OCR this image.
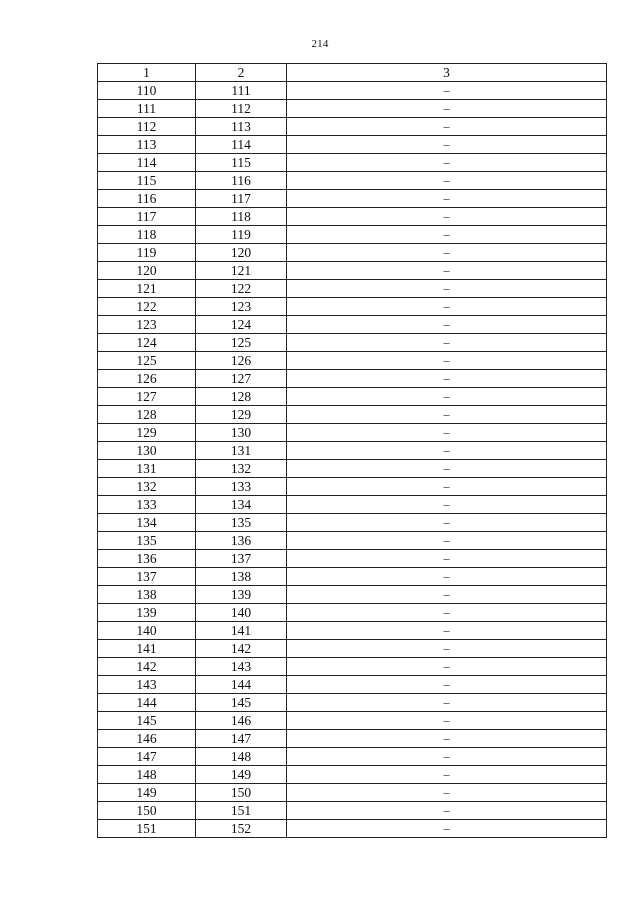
214
1	2	3
110	111	–
111	112	–
112	113	–
113	114	–
114	115	–
115	116	–
116	117	–
117	118	–
118	119	–
119	120	–
120	121	–
121	122	–
122	123	–
123	124	–
124	125	–
125	126	–
126	127	–
127	128	–
128	129	–
129	130	–
130	131	–
131	132	–
132	133	–
133	134	–
134	135	–
135	136	–
136	137	–
137	138	–
138	139	–
139	140	–
140	141	–
141	142	–
142	143	–
143	144	–
144	145	–
145	146	–
146	147	–
147	148	–
148	149	–
149	150	–
150	151	–
151	152	–
